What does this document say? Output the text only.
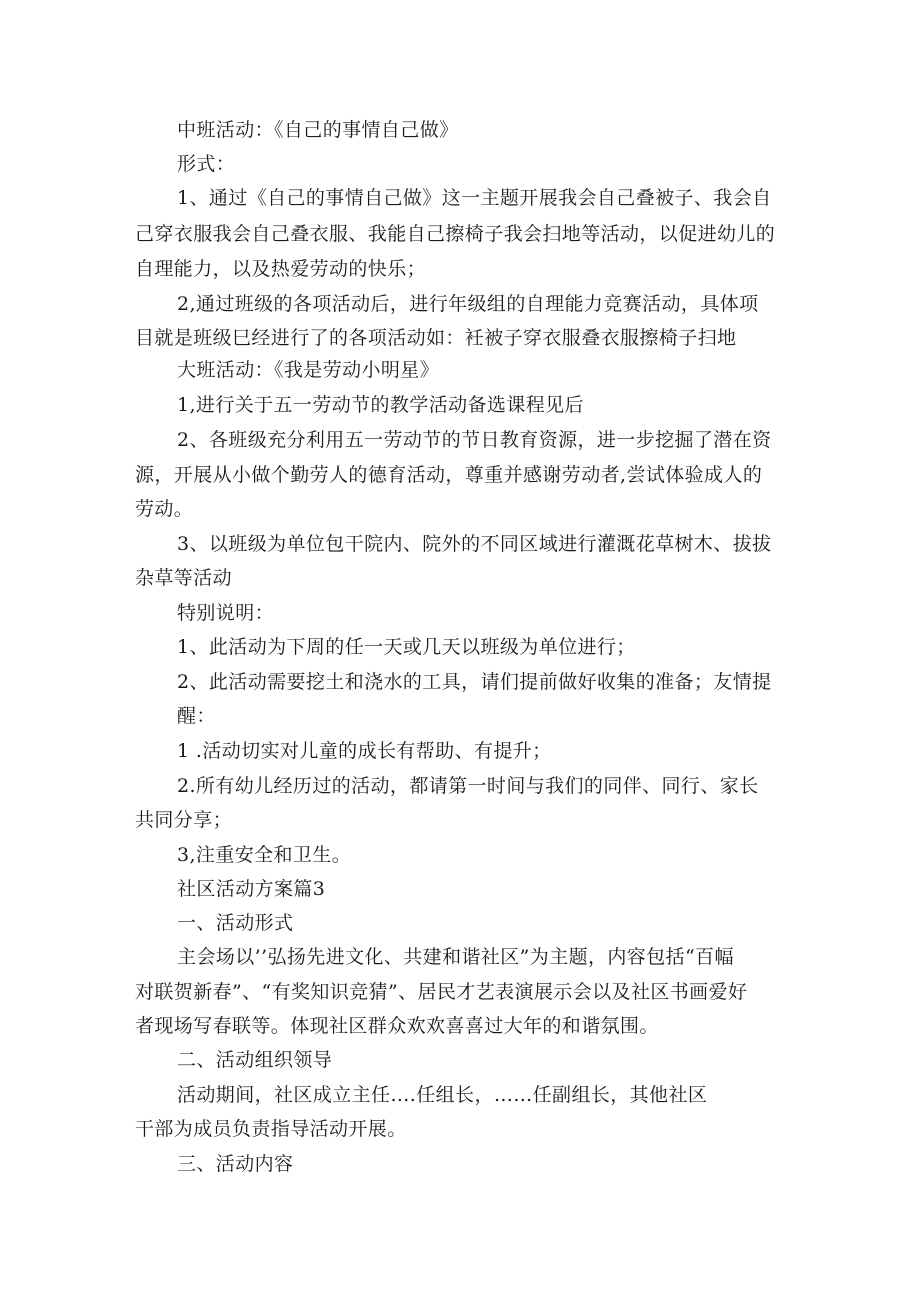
中班活动：《自己的事情自己做》
形式：
1、通过《自己的事情自己做》这一主题开展我会自己叠被子、我会自
己穿衣服我会自己叠衣服、我能自己擦椅子我会扫地等活动，以促进幼儿的
自理能力，以及热爱劳动的快乐；
2,通过班级的各项活动后，进行年级组的自理能力竞赛活动，具体项
目就是班级巳经进行了的各项活动如：衽被子穿衣服叠衣服擦椅子扫地
大班活动：《我是劳动小明星》
1,进行关于五一劳动节的教学活动备选课程见后
2、各班级充分利用五一劳动节的节日教育资源，进一步挖掘了潜在资
源，开展从小做个勤劳人的德育活动，尊重并感谢劳动者,尝试体验成人的
劳动。
3、以班级为单位包干院内、院外的不同区域进行灌溉花草树木、拔拔
杂草等活动
特别说明：
1、此活动为下周的任一天或几天以班级为单位进行；
2、此活动需要挖土和浇水的工具，请们提前做好收集的准备；友情提
醒：
1 .活动切实对儿童的成长有帮助、有提升；
2.所有幼儿经历过的活动，都请第一时间与我们的同伴、同行、家长
共同分享；
3,注重安全和卫生。
社区活动方案篇3
一、活动形式
主会场以’’弘扬先进文化、共建和谐社区”为主题，内容包括“百幅
对联贺新春”、“有奖知识竞猜”、居民才艺表演展示会以及社区书画爱好
者现场写春联等。体现社区群众欢欢喜喜过大年的和谐氛围。
二、活动组织领导
活动期间，社区成立主任….任组长，……任副组长，其他社区
干部为成员负责指导活动开展。
三、活动内容
